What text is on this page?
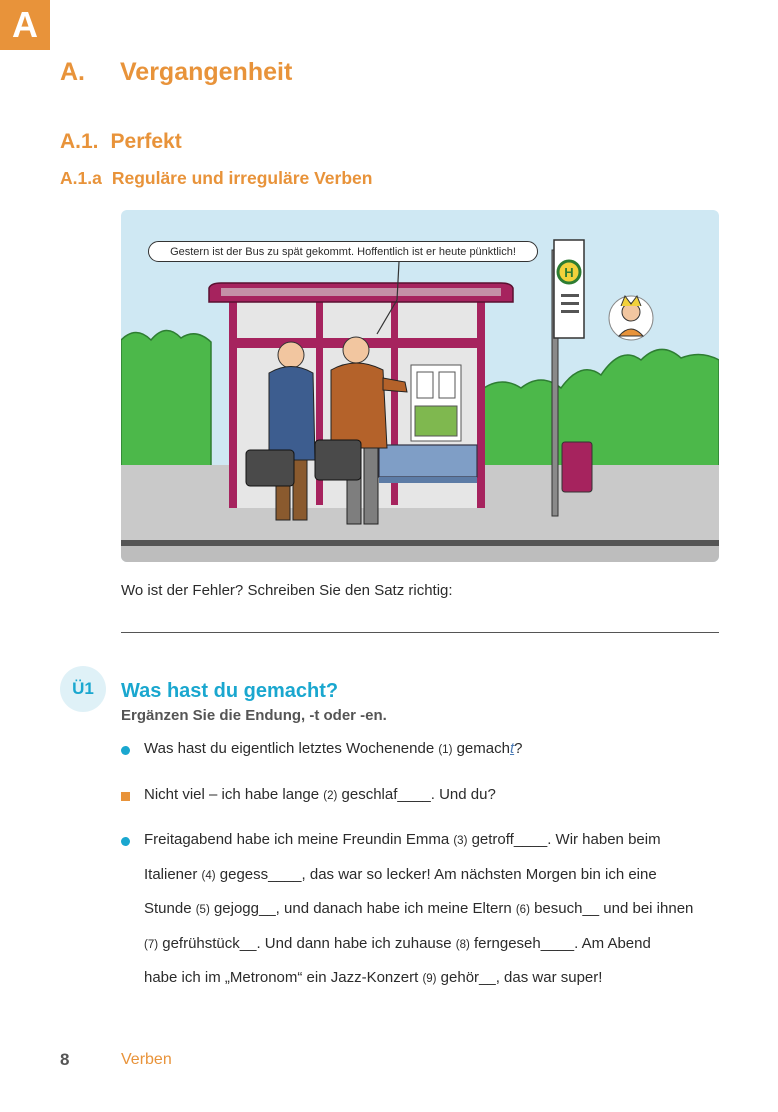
A
A. Vergangenheit
A.1. Perfekt
A.1.a Reguläre und irreguläre Verben
H
Gestern ist der Bus zu spät gekommt. Hoffentlich ist er heute pünktlich!
Wo ist der Fehler? Schreiben Sie den Satz richtig:
Ü1 Was hast du gemacht?
Ergänzen Sie die Endung, -t oder -en.
Was hast du eigentlich letztes Wochenende (1) gemacht?
Nicht viel – ich habe lange (2) geschlaf____. Und du?
Freitagabend habe ich meine Freundin Emma (3) getroff____. Wir haben beim
Italiener (4) gegess____, das war so lecker! Am nächsten Morgen bin ich eine
Stunde (5) gejogg__, und danach habe ich meine Eltern (6) besuch__ und bei ihnen
(7) gefrühstück__. Und dann habe ich zuhause (8) ferngeseh____. Am Abend
habe ich im „Metronom“ ein Jazz-Konzert (9) gehör__, das war super!
8	Verben
